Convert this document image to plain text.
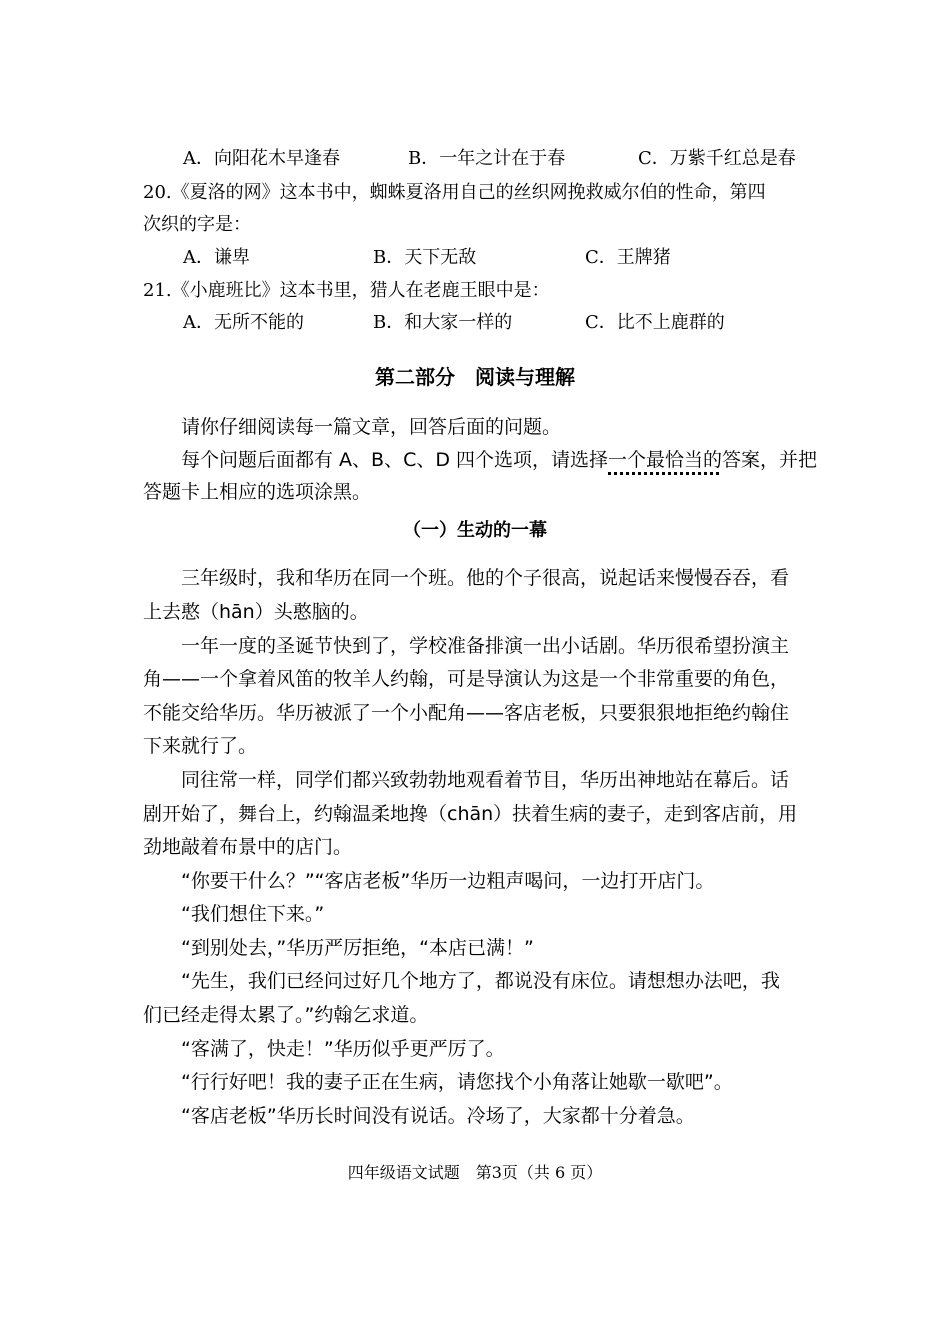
A．向阳花木早逢春	B．一年之计在于春	C．万紫千红总是春
20.《夏洛的网》这本书中，蜘蛛夏洛用自己的丝织网挽救威尔伯的性命，第四
次织的字是：
A．谦卑	B．天下无敌	C．王牌猪
21.《小鹿班比》这本书里，猎人在老鹿王眼中是：
A．无所不能的	B．和大家一样的	C．比不上鹿群的
第二部分　阅读与理解
请你仔细阅读每一篇文章，回答后面的问题。
每个问题后面都有 A、B、C、D 四个选项，请选择一个最恰当的答案，并把
答题卡上相应的选项涂黑。
（一）生动的一幕
三年级时，我和华历在同一个班。他的个子很高，说起话来慢慢吞吞，看
上去憨（hān）头憨脑的。
一年一度的圣诞节快到了，学校准备排演一出小话剧。华历很希望扮演主
角——一个拿着风笛的牧羊人约翰，可是导演认为这是一个非常重要的角色，
不能交给华历。华历被派了一个小配角——客店老板，只要狠狠地拒绝约翰住
下来就行了。
同往常一样，同学们都兴致勃勃地观看着节目，华历出神地站在幕后。话
剧开始了，舞台上，约翰温柔地搀（chān）扶着生病的妻子，走到客店前，用
劲地敲着布景中的店门。
“你要干什么？”“客店老板”华历一边粗声喝问，一边打开店门。
“我们想住下来。”
“到别处去，”华历严厉拒绝，“本店已满！”
“先生，我们已经问过好几个地方了，都说没有床位。请想想办法吧，我
们已经走得太累了。”约翰乞求道。
“客满了，快走！”华历似乎更严厉了。
“行行好吧！我的妻子正在生病，请您找个小角落让她歇一歇吧”。
“客店老板”华历长时间没有说话。冷场了，大家都十分着急。
四年级语文试题　第3页（共 6 页）
